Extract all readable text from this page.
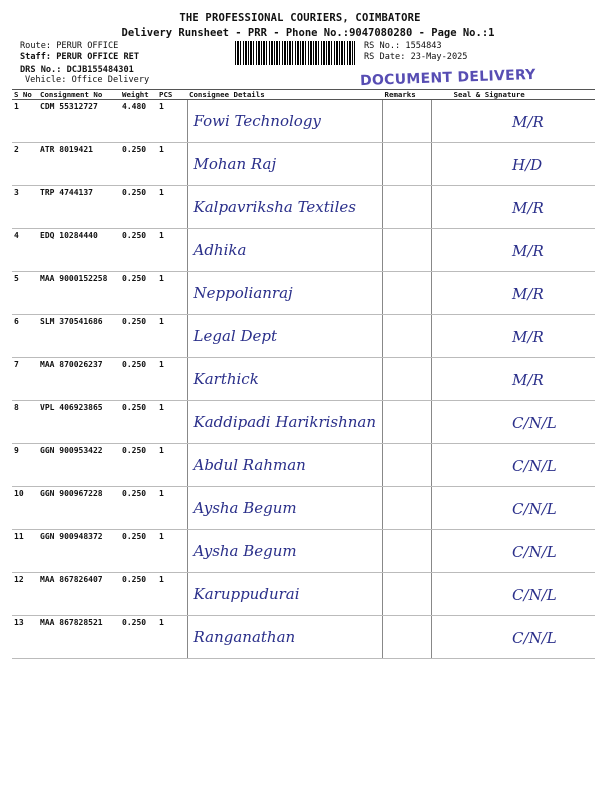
THE PROFESSIONAL COURIERS, COIMBATORE
Delivery Runsheet - PRR - Phone No.:9047080280 - Page No.:1
Route: PERUR OFFICE
Staff: PERUR OFFICE RET
DRS No.: DCJB155484301
Vehicle: Office Delivery
RS No.: 1554843
RS Date: 23-May-2025
DOCUMENT DELIVERY
S No	Consignment No	Weight	PCS	Consignee Details	Remarks	Seal & Signature
1	CDM 55312727	4.480	1	Fowi Technology		M/R
2	ATR 8019421	0.250	1	Mohan Raj		H/D
3	TRP 4744137	0.250	1	Kalpavriksha Textiles		M/R
4	EDQ 10284440	0.250	1	Adhika		M/R
5	MAA 9000152258	0.250	1	Neppolianraj		M/R
6	SLM 370541686	0.250	1	Legal Dept		M/R
7	MAA 870026237	0.250	1	Karthick		M/R
8	VPL 406923865	0.250	1	Kaddipadi Harikrishnan		C/N/L
9	GGN 900953422	0.250	1	Abdul Rahman		C/N/L
10	GGN 900967228	0.250	1	Aysha Begum		C/N/L
11	GGN 900948372	0.250	1	Aysha Begum		C/N/L
12	MAA 867826407	0.250	1	Karuppudurai		C/N/L
13	MAA 867828521	0.250	1	Ranganathan		C/N/L
